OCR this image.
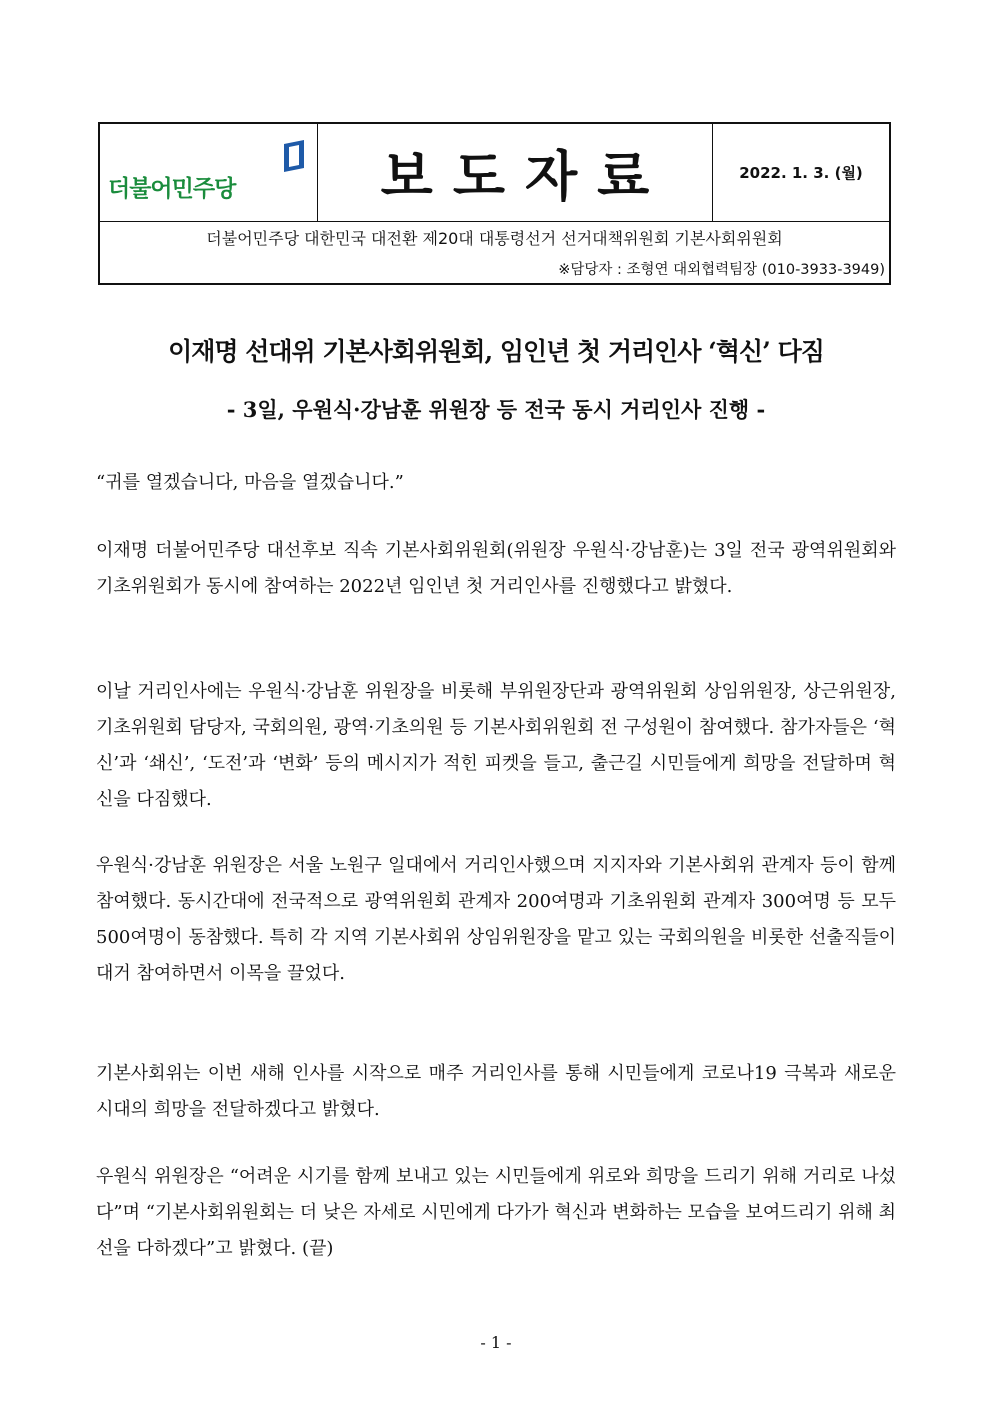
더불어민주당	보도자료	2022. 1. 3. (월)
더불어민주당 대한민국 대전환 제20대 대통령선거 선거대책위원회 기본사회위원회
※담당자 : 조형연 대외협력팀장 (010-3933-3949)
이재명 선대위 기본사회위원회, 임인년 첫 거리인사 ‘혁신’ 다짐
- 3일, 우원식·강남훈 위원장 등 전국 동시 거리인사 진행 -

“귀를 열겠습니다, 마음을 열겠습니다.”

이재명 더불어민주당 대선후보 직속 기본사회위원회(위원장 우원식·강남훈)는 3일 전국 광역위원회와 기초위원회가 동시에 참여하는 2022년 임인년 첫 거리인사를 진행했다고 밝혔다.

이날 거리인사에는 우원식·강남훈 위원장을 비롯해 부위원장단과 광역위원회 상임위원장, 상근위원장, 기초위원회 담당자, 국회의원, 광역·기초의원 등 기본사회위원회 전 구성원이 참여했다. 참가자들은 ‘혁신’과 ‘쇄신’, ‘도전’과 ‘변화’ 등의 메시지가 적힌 피켓을 들고, 출근길 시민들에게 희망을 전달하며 혁신을 다짐했다.

우원식·강남훈 위원장은 서울 노원구 일대에서 거리인사했으며 지지자와 기본사회위 관계자 등이 함께 참여했다. 동시간대에 전국적으로 광역위원회 관계자 200여명과 기초위원회 관계자 300여명 등 모두 500여명이 동참했다. 특히 각 지역 기본사회위 상임위원장을 맡고 있는 국회의원을 비롯한 선출직들이 대거 참여하면서 이목을 끌었다.

기본사회위는 이번 새해 인사를 시작으로 매주 거리인사를 통해 시민들에게 코로나19 극복과 새로운 시대의 희망을 전달하겠다고 밝혔다.

우원식 위원장은 “어려운 시기를 함께 보내고 있는 시민들에게 위로와 희망을 드리기 위해 거리로 나섰다”며 “기본사회위원회는 더 낮은 자세로 시민에게 다가가 혁신과 변화하는 모습을 보여드리기 위해 최선을 다하겠다”고 밝혔다. (끝)

- 1 -
